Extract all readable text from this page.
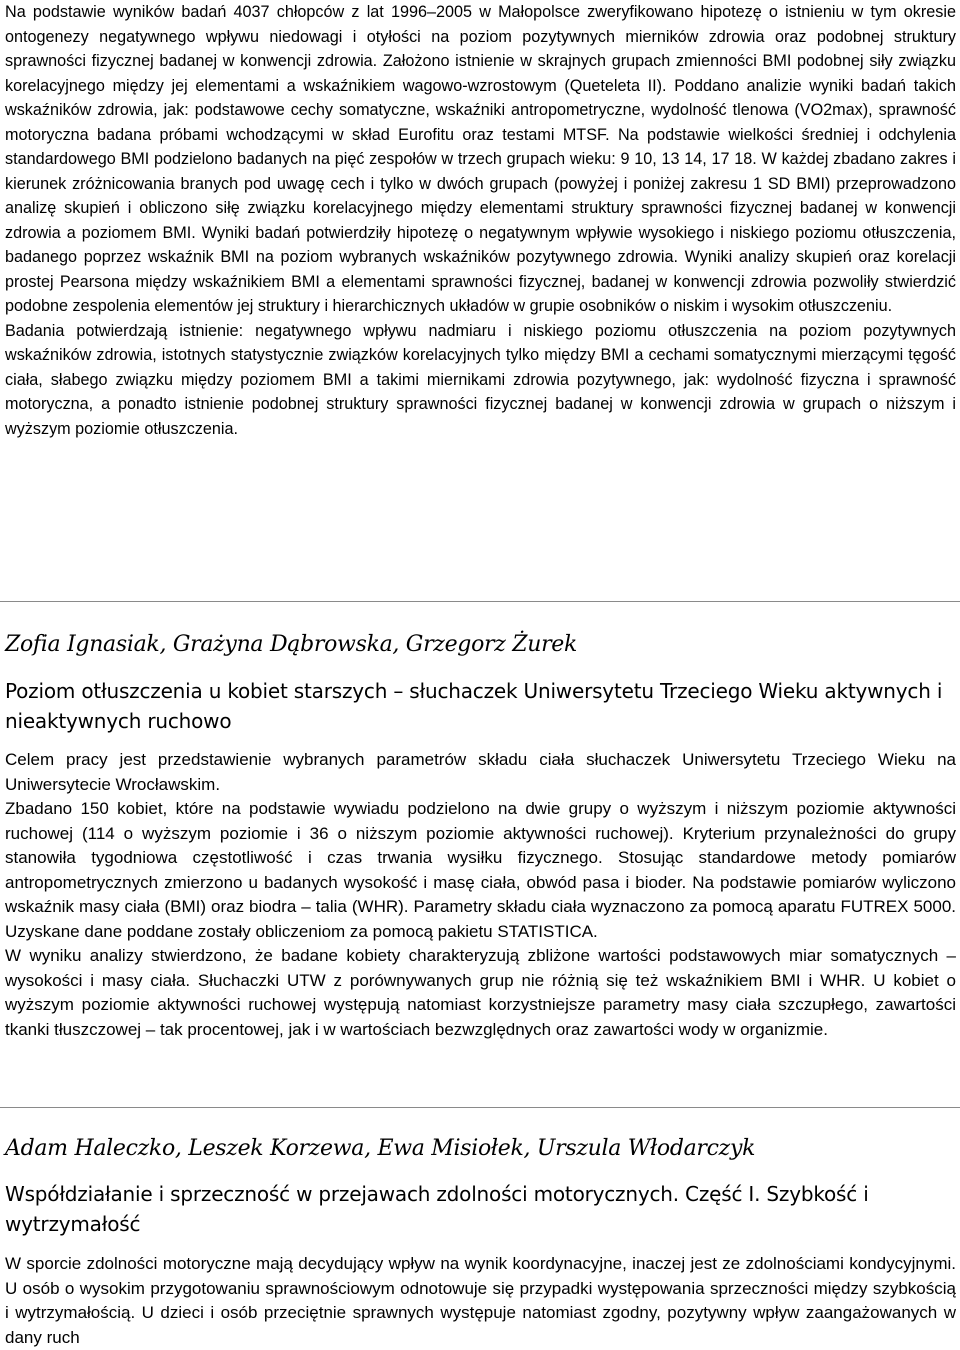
Na podstawie wyników badań 4037 chłopców z lat 1996–2005 w Małopolsce zweryfikowano hipotezę o istnieniu w tym okresie ontogenezy negatywnego wpływu niedowagi i otyłości na poziom pozytywnych mierników zdrowia oraz podobnej struktury sprawności fizycznej badanej w konwencji zdrowia. Założono istnienie w skrajnych grupach zmienności BMI podobnej siły związku korelacyjnego między jej elementami a wskaźnikiem wagowo-wzrostowym (Queteleta II). Poddano analizie wyniki badań takich wskaźników zdrowia, jak: podstawowe cechy somatyczne, wskaźniki antropometryczne, wydolność tlenowa (VO2max), sprawność motoryczna badana próbami wchodzącymi w skład Eurofitu oraz testami MTSF. Na podstawie wielkości średniej i odchylenia standardowego BMI podzielono badanych na pięć zespołów w trzech grupach wieku: 9 10, 13 14, 17 18. W każdej zbadano zakres i kierunek zróżnicowania branych pod uwagę cech i tylko w dwóch grupach (powyżej i poniżej zakresu 1 SD BMI) przeprowadzono analizę skupień i obliczono siłę związku korelacyjnego między elementami struktury sprawności fizycznej badanej w konwencji zdrowia a poziomem BMI. Wyniki badań potwierdziły hipotezę o negatywnym wpływie wysokiego i niskiego poziomu otłuszczenia, badanego poprzez wskaźnik BMI na poziom wybranych wskaźników pozytywnego zdrowia. Wyniki analizy skupień oraz korelacji prostej Pearsona między wskaźnikiem BMI a elementami sprawności fizycznej, badanej w konwencji zdrowia pozwoliły stwierdzić podobne zespolenia elementów jej struktury i hierarchicznych układów w grupie osobników o niskim i wysokim otłuszczeniu.

Badania potwierdzają istnienie: negatywnego wpływu nadmiaru i niskiego poziomu otłuszczenia na poziom pozytywnych wskaźników zdrowia, istotnych statystycznie związków korelacyjnych tylko między BMI a cechami somatycznymi mierzącymi tęgość ciała, słabego związku między poziomem BMI a takimi miernikami zdrowia pozytywnego, jak: wydolność fizyczna i sprawność motoryczna, a ponadto istnienie podobnej struktury sprawności fizycznej badanej w konwencji zdrowia w grupach o niższym i wyższym poziomie otłuszczenia.

Zofia Ignasiak, Grażyna Dąbrowska, Grzegorz Żurek

Poziom otłuszczenia u kobiet starszych – słuchaczek Uniwersytetu Trzeciego Wieku aktywnych i nieaktywnych ruchowo

Celem pracy jest przedstawienie wybranych parametrów składu ciała słuchaczek Uniwersytetu Trzeciego Wieku na Uniwersytecie Wrocławskim.

Zbadano 150 kobiet, które na podstawie wywiadu podzielono na dwie grupy o wyższym i niższym poziomie aktywności ruchowej (114 o wyższym poziomie i 36 o niższym poziomie aktywności ruchowej). Kryterium przynależności do grupy stanowiła tygodniowa częstotliwość i czas trwania wysiłku fizycznego. Stosując standardowe metody pomiarów antropometrycznych zmierzono u badanych wysokość i masę ciała, obwód pasa i bioder. Na podstawie pomiarów wyliczono wskaźnik masy ciała (BMI) oraz biodra – talia (WHR). Parametry składu ciała wyznaczono za pomocą aparatu FUTREX 5000. Uzyskane dane poddane zostały obliczeniom za pomocą pakietu STATISTICA.

W wyniku analizy stwierdzono, że badane kobiety charakteryzują zbliżone wartości podstawowych miar somatycznych – wysokości i masy ciała. Słuchaczki UTW z porównywanych grup nie różnią się też wskaźnikiem BMI i WHR. U kobiet o wyższym poziomie aktywności ruchowej występują natomiast korzystniejsze parametry masy ciała szczupłego, zawartości tkanki tłuszczowej – tak procentowej, jak i w wartościach bezwzględnych oraz zawartości wody w organizmie.

Adam Haleczko, Leszek Korzewa, Ewa Misiołek, Urszula Włodarczyk

Współdziałanie i sprzeczność w przejawach zdolności motorycznych. Część I. Szybkość i wytrzymałość

W sporcie zdolności motoryczne mają decydujący wpływ na wynik koordynacyjne, inaczej jest ze zdolnościami kondycyjnymi. U osób o wysokim przygotowaniu sprawnościowym odnotowuje się przypadki występowania sprzeczności między szybkością i wytrzymałością. U dzieci i osób przeciętnie sprawnych występuje natomiast zgodny, pozytywny wpływ zaangażowanych w dany ruch
